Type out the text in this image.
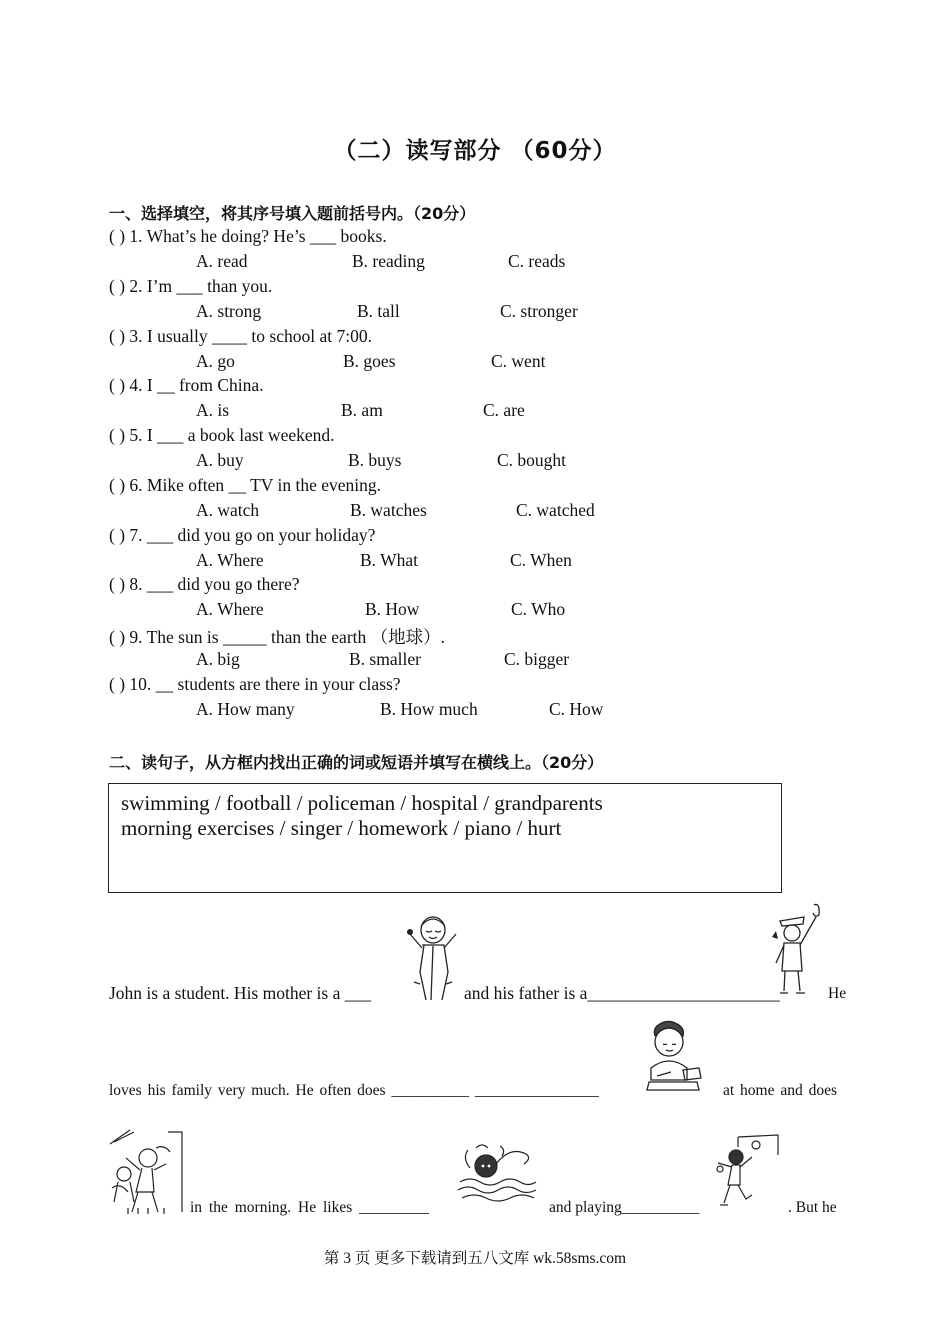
（二）读写部分 （60分）
一、选择填空，将其序号填入题前括号内。（20分）
( ) 1. What’s he doing? He’s ___ books.
A. read	B. reading	C. reads
( ) 2. I’m ___ than you.
A. strong	B. tall	C. stronger
( ) 3. I usually ____ to school at 7:00.
A. go	B. goes	C. went
( ) 4. I __ from China.
A. is	B. am	C. are
( ) 5. I ___ a book last weekend.
A. buy	B. buys	C. bought
( ) 6. Mike often __ TV in the evening.
A. watch	B. watches	C. watched
( ) 7. ___ did you go on your holiday?
A. Where	B. What	C. When
( ) 8. ___ did you go there?
A. Where	B. How	C. Who
( ) 9. The sun is _____ than the earth （地球）.
A. big	B. smaller	C. bigger
( ) 10. __ students are there in your class?
A. How many	B. How much	C. How
二、读句子，从方框内找出正确的词或短语并填写在横线上。（20分）
swimming / football / policeman / hospital / grandparents
morning exercises / singer / homework / piano / hurt
John is a student. His mother is a ___	and his father is a______________________	He
loves his family very much. He often does __________ ________________	at home and does
in the morning. He likes _________	and playing__________	. But he
第 3 页 更多下载请到五八文库 wk.58sms.com
